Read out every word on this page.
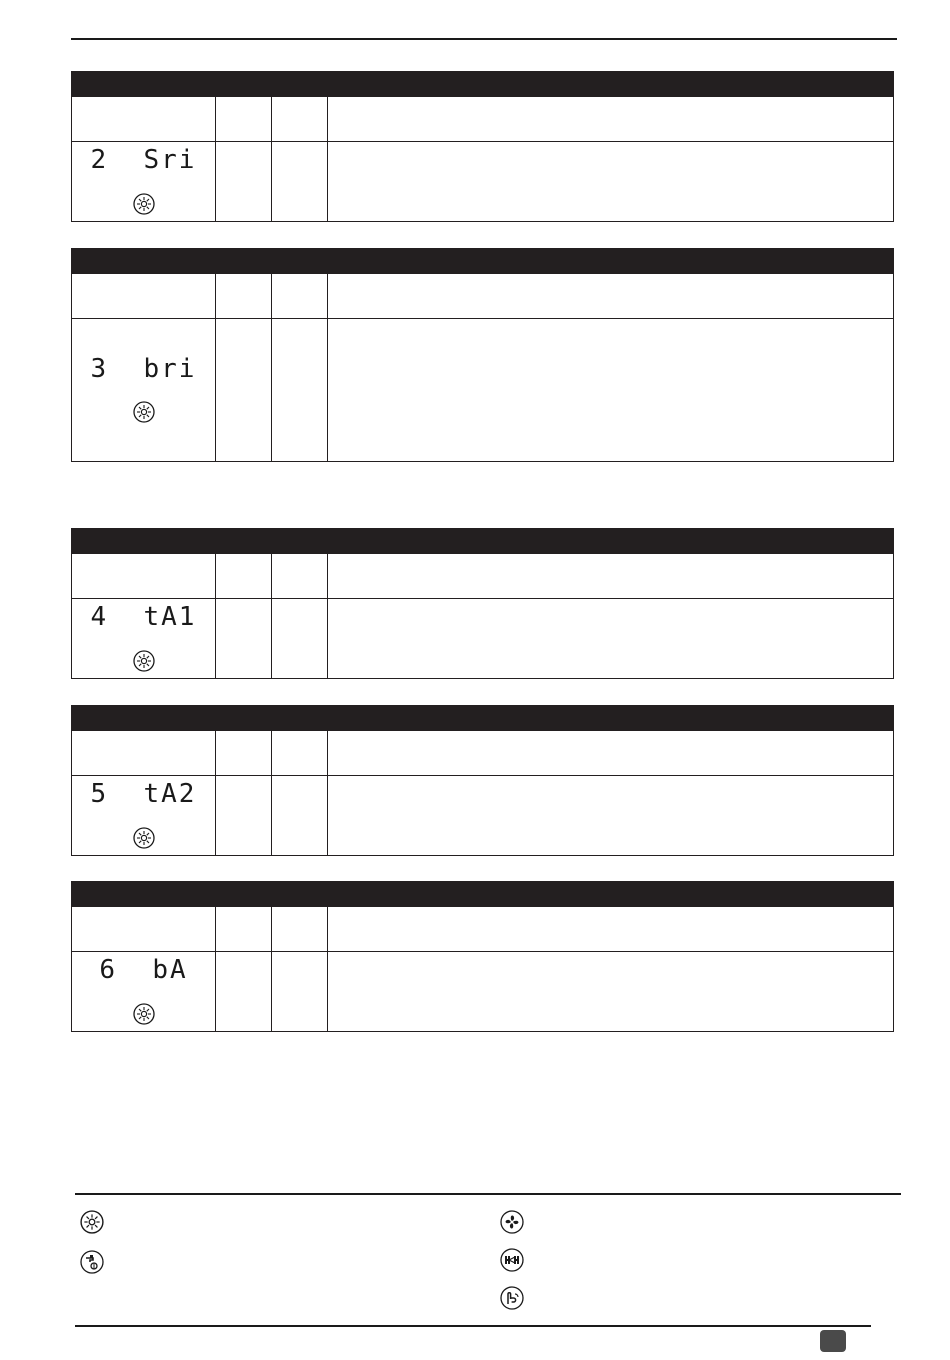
2  Sri
3  bri
4  tA1
5  tA2
6  bA
